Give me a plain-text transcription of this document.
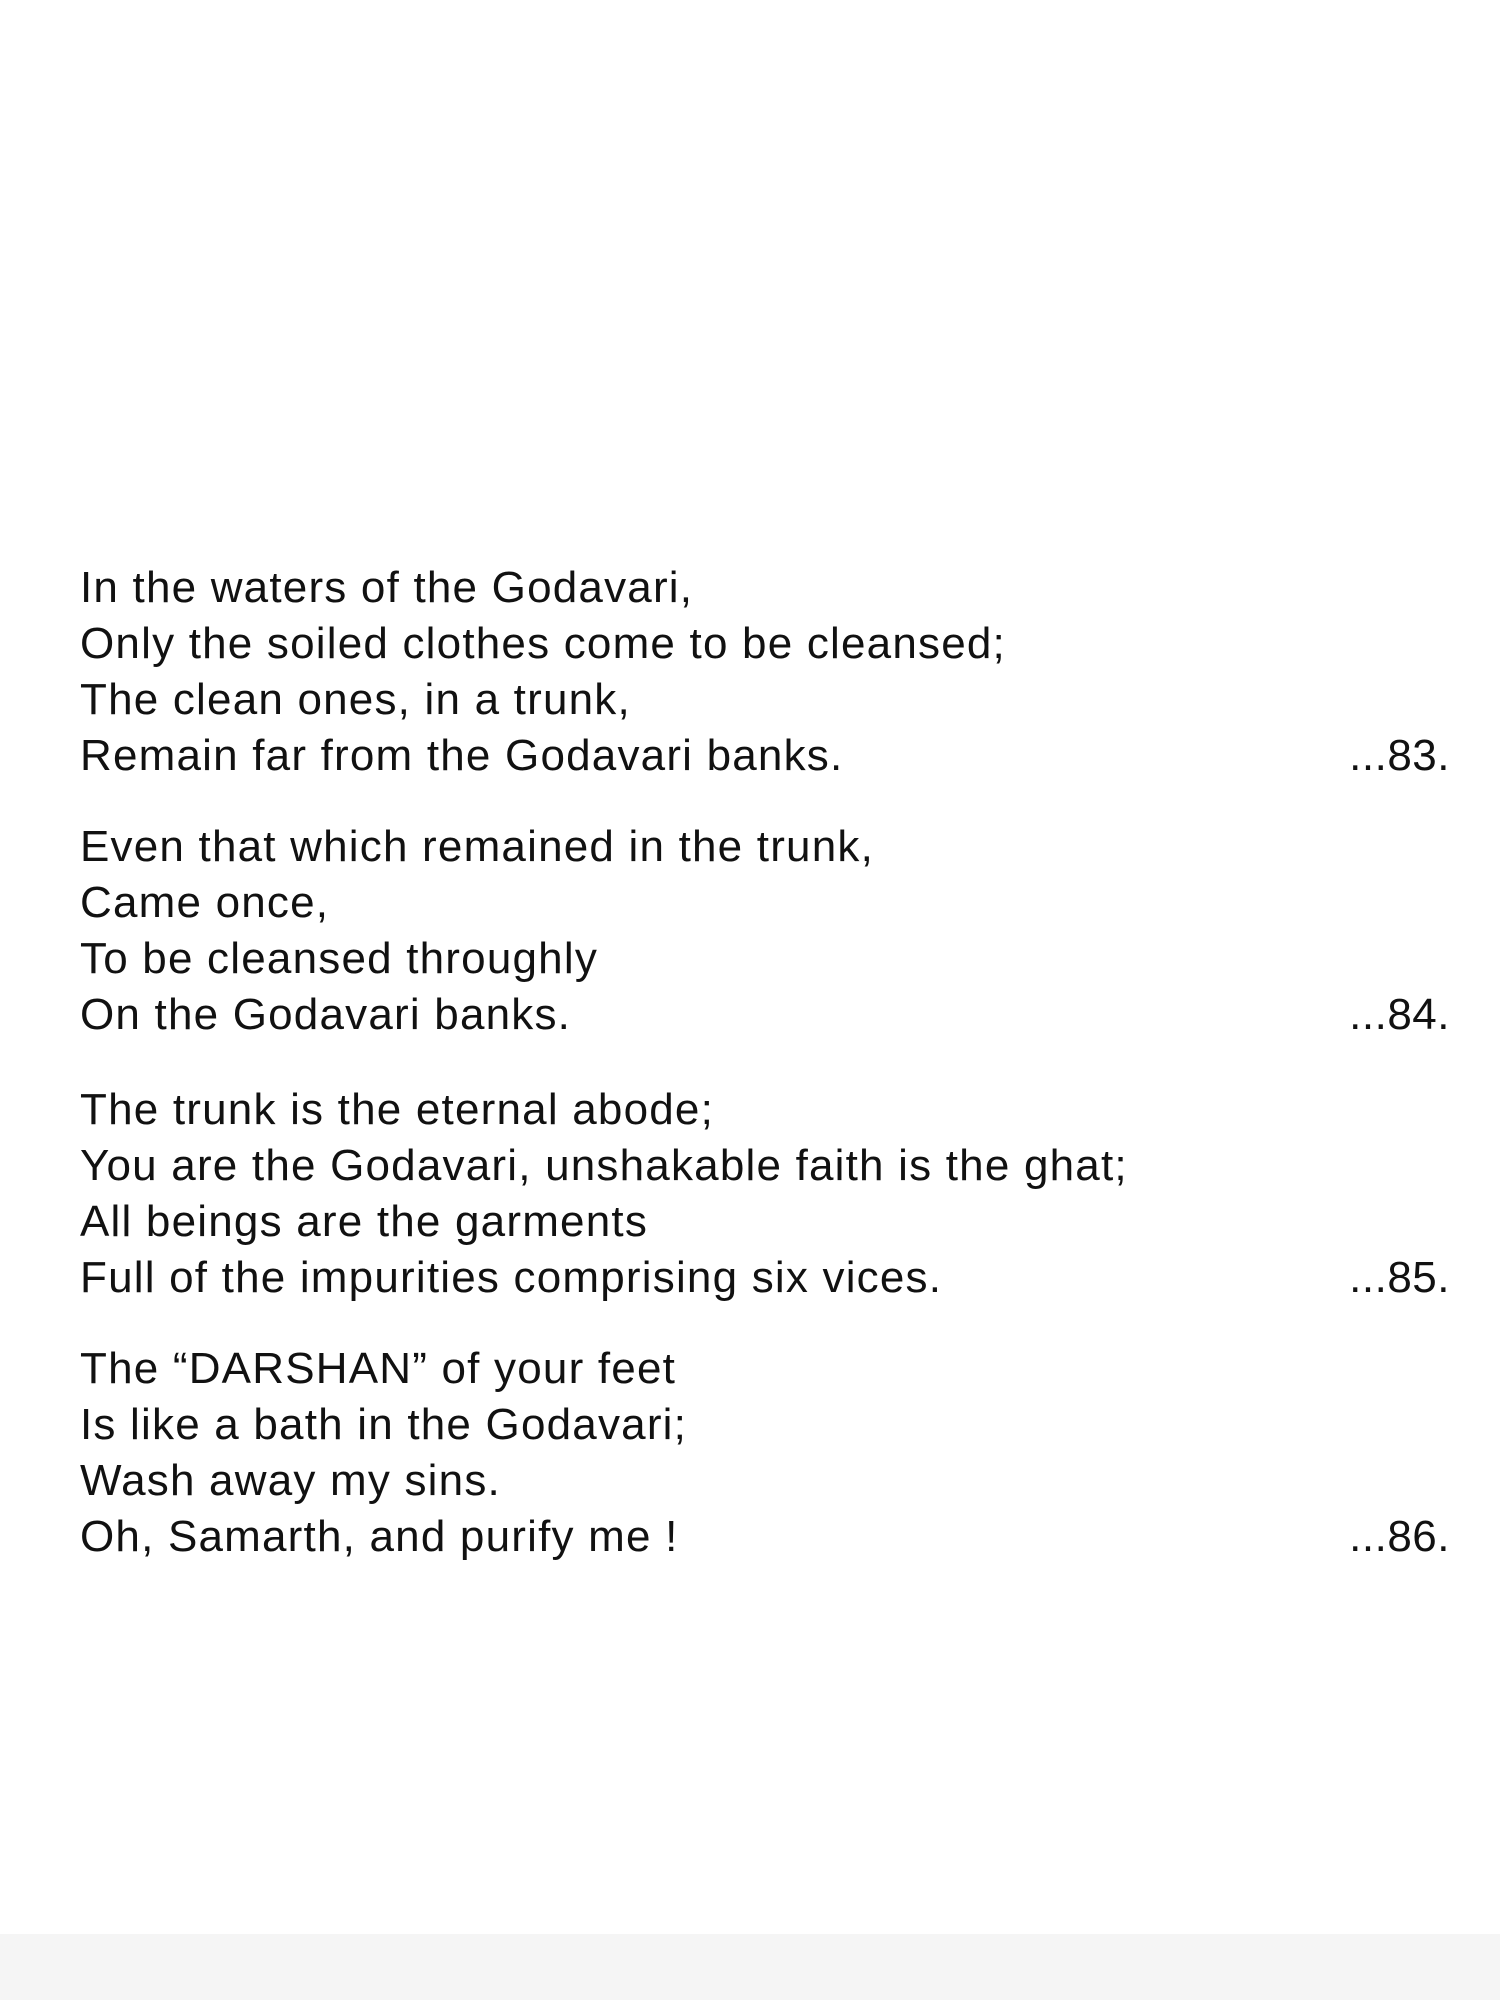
In the waters of the Godavari,
Only the soiled clothes come to be cleansed;
The clean ones, in a trunk,
Remain far from the Godavari banks.	...83.
Even that which remained in the trunk,
Came once,
To be cleansed throughly
On the Godavari banks.	...84.
The trunk is the eternal abode;
You are the Godavari, unshakable faith is the ghat;
All beings are the garments
Full of the impurities comprising six vices.	...85.
The “DARSHAN” of your feet
Is like a bath in the Godavari;
Wash away my sins.
Oh, Samarth, and purify me !	...86.
